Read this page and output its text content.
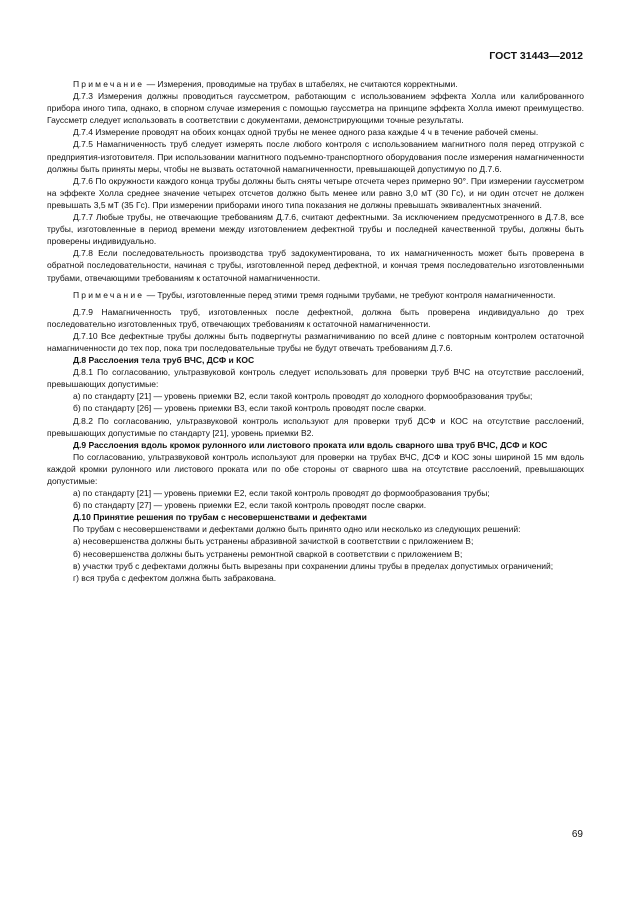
ГОСТ 31443—2012

Примечание — Измерения, проводимые на трубах в штабелях, не считаются корректными.

Д.7.3 Измерения должны проводиться гауссметром, работающим с использованием эффекта Холла или калиброванного прибора иного типа, однако, в спорном случае измерения с помощью гауссметра на принципе эффекта Холла имеют преимущество. Гауссметр следует использовать в соответствии с документами, демонстрирующими точные результаты.

Д.7.4 Измерение проводят на обоих концах одной трубы не менее одного раза каждые 4 ч в течение рабочей смены.

Д.7.5 Намагниченность труб следует измерять после любого контроля с использованием магнитного поля перед отгрузкой с предприятия-изготовителя. При использовании магнитного подъемно-транспортного оборудования после измерения намагниченности должны быть приняты меры, чтобы не вызвать остаточной намагниченности, превышающей допустимую по Д.7.6.

Д.7.6 По окружности каждого конца трубы должны быть сняты четыре отсчета через примерно 90°. При измерении гауссметром на эффекте Холла среднее значение четырех отсчетов должно быть менее или равно 3,0 мТ (30 Гс), и ни один отсчет не должен превышать 3,5 мТ (35 Гс). При измерении приборами иного типа показания не должны превышать эквивалентных значений.

Д.7.7 Любые трубы, не отвечающие требованиям Д.7.6, считают дефектными. За исключением предусмотренного в Д.7.8, все трубы, изготовленные в период времени между изготовлением дефектной трубы и последней качественной трубы, должны быть проверены индивидуально.

Д.7.8 Если последовательность производства труб задокументирована, то их намагниченность может быть проверена в обратной последовательности, начиная с трубы, изготовленной перед дефектной, и кончая тремя последовательно изготовленными трубами, отвечающими требованиям к остаточной намагниченности.

Примечание — Трубы, изготовленные перед этими тремя годными трубами, не требуют контроля намагниченности.

Д.7.9 Намагниченность труб, изготовленных после дефектной, должна быть проверена индивидуально до трех последовательно изготовленных труб, отвечающих требованиям к остаточной намагниченности.

Д.7.10 Все дефектные трубы должны быть подвергнуты размагничиванию по всей длине с повторным контролем остаточной намагниченности до тех пор, пока три последовательные трубы не будут отвечать требованиям Д.7.6.

Д.8 Расслоения тела труб ВЧС, ДСФ и КОС

Д.8.1 По согласованию, ультразвуковой контроль следует использовать для проверки труб ВЧС на отсутствие расслоений, превышающих допустимые:

а) по стандарту [21] — уровень приемки В2, если такой контроль проводят до холодного формообразования трубы;

б) по стандарту [26] — уровень приемки В3, если такой контроль проводят после сварки.

Д.8.2 По согласованию, ультразвуковой контроль используют для проверки труб ДСФ и КОС на отсутствие расслоений, превышающих допустимые по стандарту [21], уровень приемки В2.

Д.9 Расслоения вдоль кромок рулонного или листового проката или вдоль сварного шва труб ВЧС, ДСФ и КОС

По согласованию, ультразвуковой контроль используют для проверки на трубах ВЧС, ДСФ и КОС зоны шириной 15 мм вдоль каждой кромки рулонного или листового проката или по обе стороны от сварного шва на отсутствие расслоений, превышающих допустимые:

а) по стандарту [21] — уровень приемки Е2, если такой контроль проводят до формообразования трубы;

б) по стандарту [27] — уровень приемки Е2, если такой контроль проводят после сварки.

Д.10 Принятие решения по трубам с несовершенствами и дефектами

По трубам с несовершенствами и дефектами должно быть принято одно или несколько из следующих решений:

а) несовершенства должны быть устранены абразивной зачисткой в соответствии с приложением В;

б) несовершенства должны быть устранены ремонтной сваркой в соответствии с приложением В;

в) участки труб с дефектами должны быть вырезаны при сохранении длины трубы в пределах допустимых ограничений;

г) вся труба с дефектом должна быть забракована.

69
